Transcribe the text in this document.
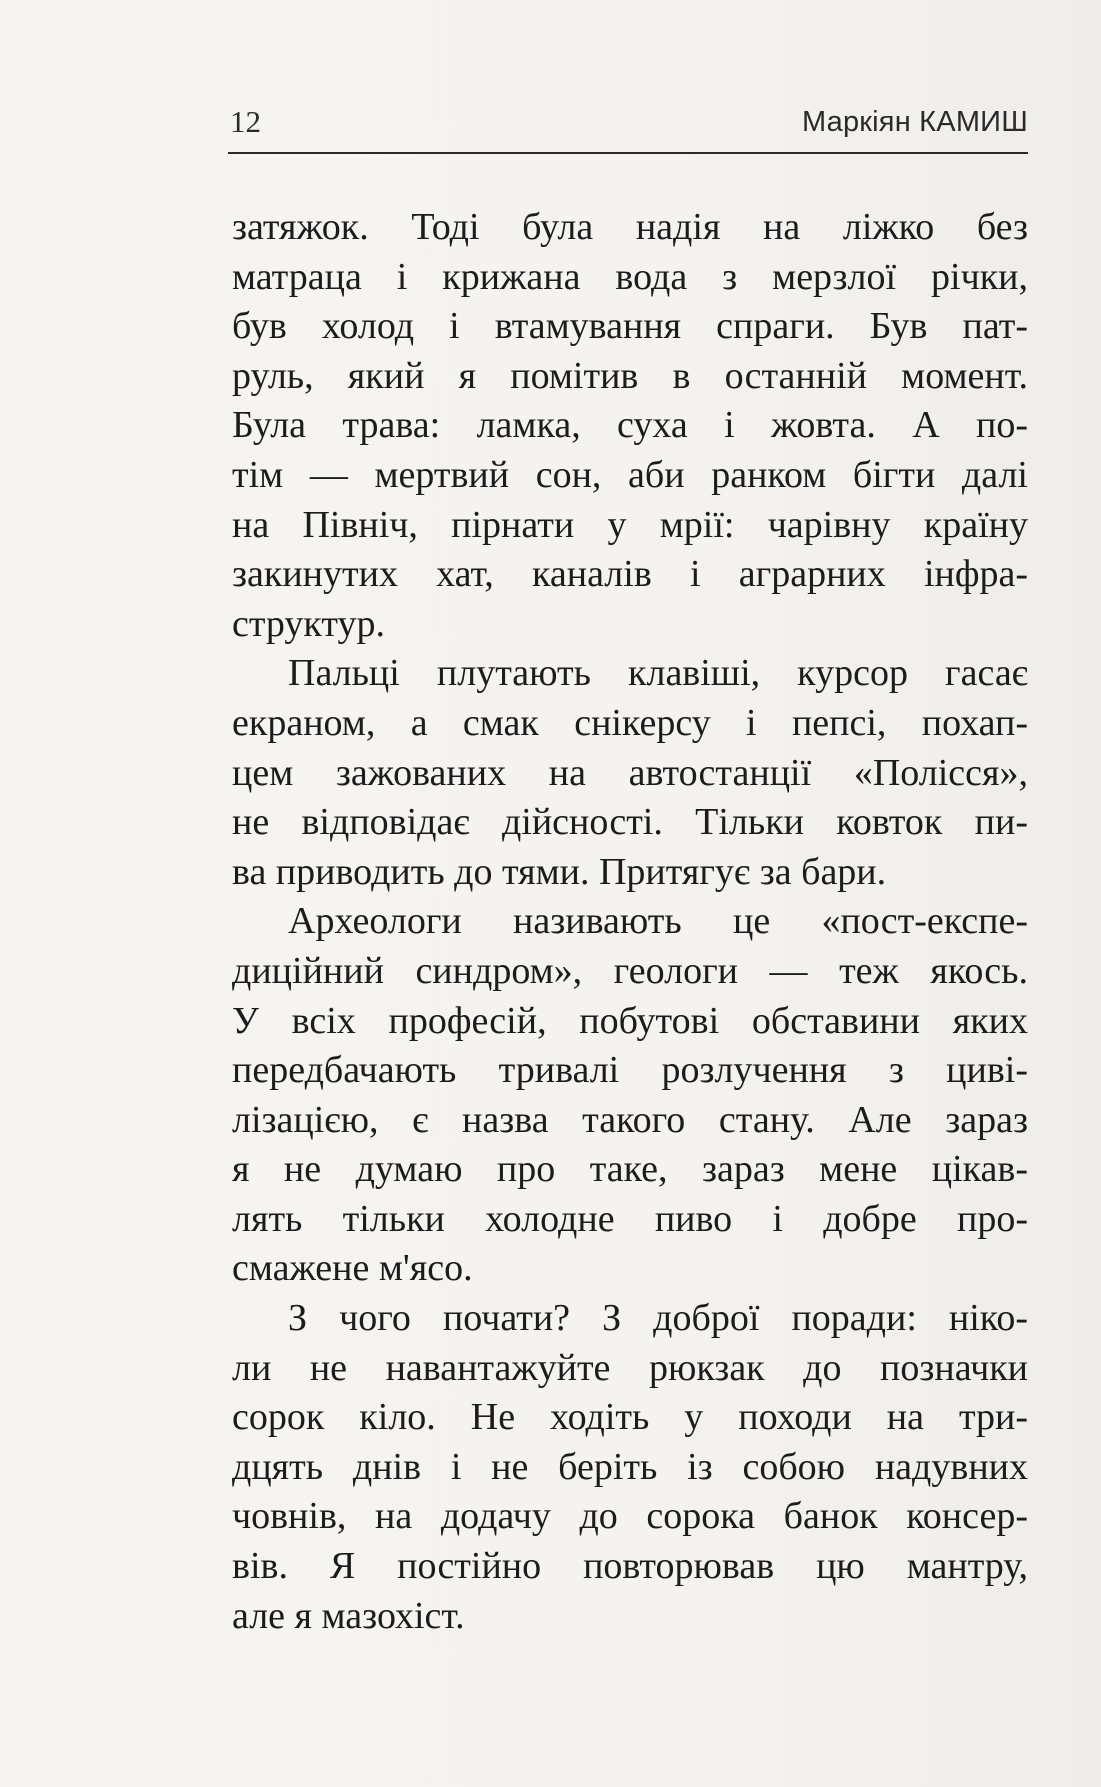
12	Маркіян КАМИШ

затяжок. Тоді була надія на ліжко без

матраца і крижана вода з мерзлої річки,

був холод і втамування спраги. Був пат-

руль, який я помітив в останній момент.

Була трава: ламка, суха і жовта. А по-

тім — мертвий сон, аби ранком бігти далі

на Північ, пірнати у мрії: чарівну країну

закинутих хат, каналів і аграрних інфра-

структур.

Пальці плутають клавіші, курсор гасає

екраном, а смак снікерсу і пепсі, похап-

цем зажованих на автостанції «Полісся»,

не відповідає дійсності. Тільки ковток пи-

ва приводить до тями. Притягує за бари.

Археологи називають це «пост-експе-

диційний синдром», геологи — теж якось.

У всіх професій, побутові обставини яких

передбачають тривалі розлучення з циві-

лізацією, є назва такого стану. Але зараз

я не думаю про таке, зараз мене цікав-

лять тільки холодне пиво і добре про-

смажене м'ясо.

З чого почати? З доброї поради: ніко-

ли не навантажуйте рюкзак до позначки

сорок кіло. Не ходіть у походи на три-

дцять днів і не беріть із собою надувних

човнів, на додачу до сорока банок консер-

вів. Я постійно повторював цю мантру,

але я мазохіст.
